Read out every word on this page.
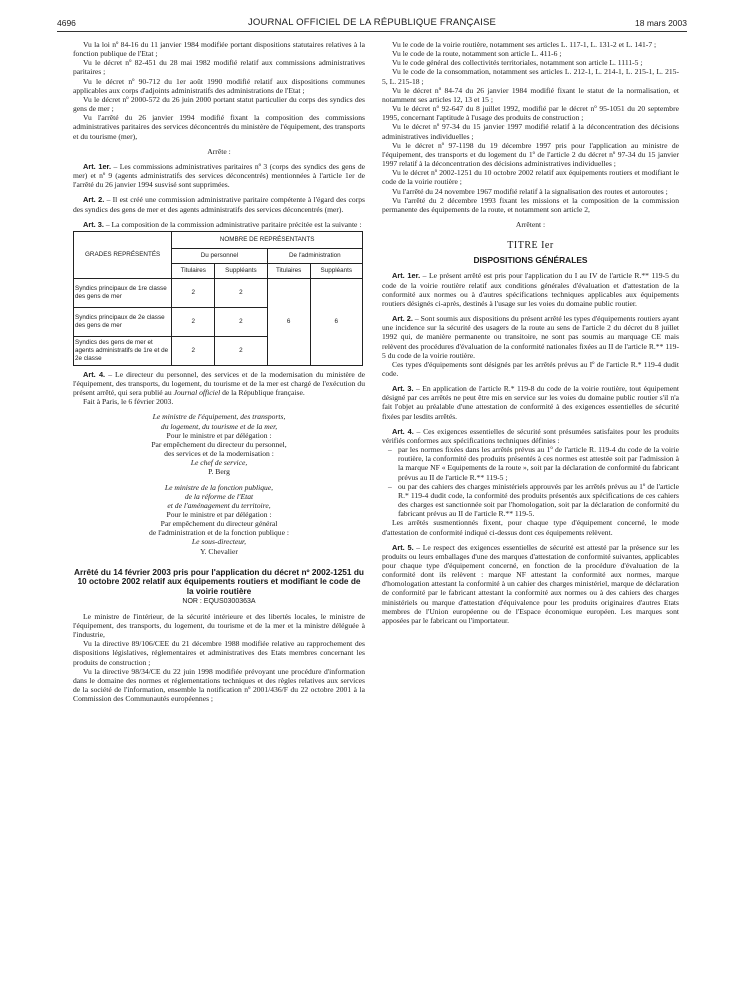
4696	JOURNAL OFFICIEL DE LA RÉPUBLIQUE FRANÇAISE	18 mars 2003

Vu la loi nº 84-16 du 11 janvier 1984 modifiée portant dispositions statutaires relatives à la fonction publique de l'Etat ;

Vu le décret nº 82-451 du 28 mai 1982 modifié relatif aux commissions administratives paritaires ;

Vu le décret nº 90-712 du 1er août 1990 modifié relatif aux dispositions communes applicables aux corps d'adjoints administratifs des administrations de l'Etat ;

Vu le décret nº 2000-572 du 26 juin 2000 portant statut particulier du corps des syndics des gens de mer ;

Vu l'arrêté du 26 janvier 1994 modifié fixant la composition des commissions administratives paritaires des services déconcentrés du ministère de l'équipement, des transports et du tourisme (mer),

Arrête :

Art. 1er. – Les commissions administratives paritaires nº 3 (corps des syndics des gens de mer) et nº 9 (agents administratifs des services déconcentrés) mentionnées à l'article 1er de l'arrêté du 26 janvier 1994 susvisé sont supprimées.

Art. 2. – Il est créé une commission administrative paritaire compétente à l'égard des corps des syndics des gens de mer et des agents administratifs des services déconcentrés (mer).

Art. 3. – La composition de la commission administrative paritaire précitée est la suivante :

GRADES REPRÉSENTÉS	NOMBRE DE REPRÉSENTANTS			
	Du personnel		De l'administration	
	Titulaires	Suppléants	Titulaires	Suppléants
Syndics principaux de 1re classe des gens de mer	2	2	6	6
Syndics principaux de 2e classe des gens de mer	2	2		
Syndics des gens de mer et agents administratifs de 1re et de 2e classe	2	2		

Art. 4. – Le directeur du personnel, des services et de la modernisation du ministère de l'équipement, des transports, du logement, du tourisme et de la mer est chargé de l'exécution du présent arrêté, qui sera publié au Journal officiel de la République française.

Fait à Paris, le 6 février 2003.

Le ministre de l'équipement, des transports,

du logement, du tourisme et de la mer,

Pour le ministre et par délégation :

Par empêchement du directeur du personnel,

des services et de la modernisation :

Le chef de service,

P. Berg

Le ministre de la fonction publique,

de la réforme de l'Etat

et de l'aménagement du territoire,

Pour le ministre et par délégation :

Par empêchement du directeur général

de l'administration et de la fonction publique :

Le sous-directeur,

Y. Chevalier

Arrêté du 14 février 2003 pris pour l'application du décret nº 2002-1251 du 10 octobre 2002 relatif aux équipements routiers et modifiant le code de la voirie routière

NOR : EQUS0300363A

Le ministre de l'intérieur, de la sécurité intérieure et des libertés locales, le ministre de l'équipement, des transports, du logement, du tourisme et de la mer et la ministre déléguée à l'industrie,

Vu la directive 89/106/CEE du 21 décembre 1988 modifiée relative au rapprochement des dispositions législatives, réglementaires et administratives des Etats membres concernant les produits de construction ;

Vu la directive 98/34/CE du 22 juin 1998 modifiée prévoyant une procédure d'information dans le domaine des normes et réglementations techniques et des règles relatives aux services de la société de l'information, ensemble la notification nº 2001/436/F du 22 octobre 2001 à la Commission des Communautés européennes ;

Vu le code de la voirie routière, notamment ses articles L. 117-1, L. 131-2 et L. 141-7 ;

Vu le code de la route, notamment son article L. 411-6 ;

Vu le code général des collectivités territoriales, notamment son article L. 1111-5 ;

Vu le code de la consommation, notamment ses articles L. 212-1, L. 214-1, L. 215-1, L. 215-5, L. 215-18 ;

Vu le décret nº 84-74 du 26 janvier 1984 modifié fixant le statut de la normalisation, et notamment ses articles 12, 13 et 15 ;

Vu le décret nº 92-647 du 8 juillet 1992, modifié par le décret nº 95-1051 du 20 septembre 1995, concernant l'aptitude à l'usage des produits de construction ;

Vu le décret nº 97-34 du 15 janvier 1997 modifié relatif à la déconcentration des décisions administratives individuelles ;

Vu le décret nº 97-1198 du 19 décembre 1997 pris pour l'application au ministre de l'équipement, des transports et du logement du 1º de l'article 2 du décret nº 97-34 du 15 janvier 1997 relatif à la déconcentration des décisions administratives individuelles ;

Vu le décret nº 2002-1251 du 10 octobre 2002 relatif aux équipements routiers et modifiant le code de la voirie routière ;

Vu l'arrêté du 24 novembre 1967 modifié relatif à la signalisation des routes et autoroutes ;

Vu l'arrêté du 2 décembre 1993 fixant les missions et la composition de la commission permanente des équipements de la route, et notamment son article 2,

Arrêtent :

TITRE Ier

DISPOSITIONS GÉNÉRALES

Art. 1er. – Le présent arrêté est pris pour l'application du I au IV de l'article R.** 119-5 du code de la voirie routière relatif aux conditions générales d'évaluation et d'attestation de la conformité aux normes ou à d'autres spécifications techniques applicables aux équipements routiers désignés ci-après, destinés à l'usage sur les voies du domaine public routier.

Art. 2. – Sont soumis aux dispositions du présent arrêté les types d'équipements routiers ayant une incidence sur la sécurité des usagers de la route au sens de l'article 2 du décret du 8 juillet 1992 qui, de manière permanente ou transitoire, ne sont pas soumis au marquage CE mais relèvent des procédures d'évaluation de la conformité nationales fixées au II de l'article R.** 119-5 du code de la voirie routière.

Ces types d'équipements sont désignés par les arrêtés prévus au Iº de l'article R.* 119-4 dudit code.

Art. 3. – En application de l'article R.* 119-8 du code de la voirie routière, tout équipement désigné par ces arrêtés ne peut être mis en service sur les voies du domaine public routier s'il n'a fait l'objet au préalable d'une attestation de conformité à des exigences essentielles de sécurité fixées par lesdits arrêtés.

Art. 4. – Ces exigences essentielles de sécurité sont présumées satisfaites pour les produits vérifiés conformes aux spécifications techniques définies :

– par les normes fixées dans les arrêtés prévus au 1º de l'article R. 119-4 du code de la voirie routière, la conformité des produits présentés à ces normes est attestée soit par l'admission à la marque NF « Equipements de la route », soit par la déclaration de conformité du fabricant prévus au II de l'article R.** 119-5 ;
– ou par des cahiers des charges ministériels approuvés par les arrêtés prévus au 1º de l'article R.* 119-4 dudit code, la conformité des produits présentés aux spécifications de ces cahiers des charges est sanctionnée soit par l'homologation, soit par la déclaration de conformité du fabricant prévus au II de l'article R.** 119-5.

Les arrêtés susmentionnés fixent, pour chaque type d'équipement concerné, le mode d'attestation de conformité indiqué ci-dessus dont ces équipements relèvent.

Art. 5. – Le respect des exigences essentielles de sécurité est attesté par la présence sur les produits ou leurs emballages d'une des marques d'attestation de conformité suivantes, applicables pour chaque type d'équipement concerné, en fonction de la procédure d'évaluation de la conformité dont ils relèvent : marque NF attestant la conformité aux normes, marque d'homologation attestant la conformité à un cahier des charges ministériel, marque de déclaration de conformité par le fabricant attestant la conformité aux normes ou à des cahiers des charges ministériels ou marque d'attestation d'équivalence pour les produits originaires d'autres Etats membres de l'Union européenne ou de l'Espace économique européen. Les marques sont apposées par le fabricant ou l'importateur.
